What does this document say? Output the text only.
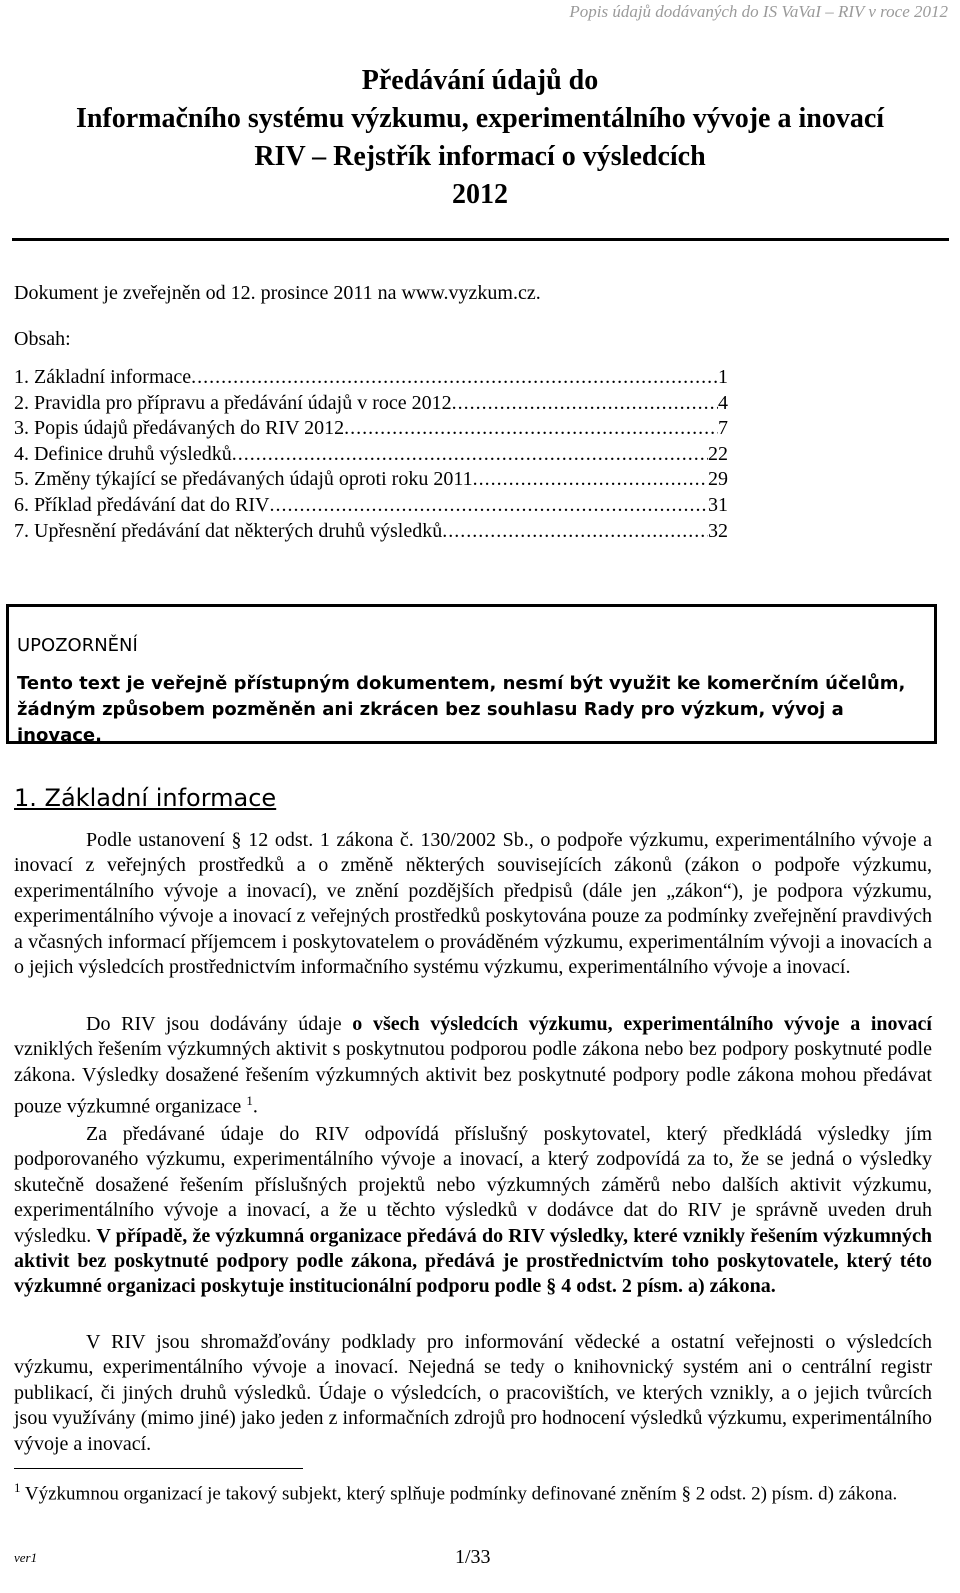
Popis údajů dodávaných do IS VaVaI – RIV v roce 2012
Předávání údajů do
Informačního systému výzkumu, experimentálního vývoje a inovací
RIV – Rejstřík informací o výsledcích
2012
Dokument je zveřejněn od 12. prosince 2011 na www.vyzkum.cz.
Obsah:
1. Základní informace .....	1
2. Pravidla pro přípravu a předávání údajů v roce 2012 .....	4
3. Popis údajů předávaných do RIV 2012 .....	7
4. Definice druhů výsledků .....	22
5. Změny týkající se předávaných údajů oproti roku 2011 .....	29
6. Příklad předávání dat do RIV .....	31
7. Upřesnění předávání dat některých druhů výsledků .....	32
UPOZORNĚNÍ
Tento text je veřejně přístupným dokumentem, nesmí být využit ke komerčním účelům, žádným způsobem pozměněn ani zkrácen bez souhlasu Rady pro výzkum, vývoj a inovace.
1. Základní informace
Podle ustanovení § 12 odst. 1 zákona č. 130/2002 Sb., o podpoře výzkumu, experimentálního vývoje a inovací z veřejných prostředků a o změně některých souvisejících zákonů (zákon o podpoře výzkumu, experimentálního vývoje a inovací), ve znění pozdějších předpisů (dále jen „zákon“), je podpora výzkumu, experimentálního vývoje a inovací z veřejných prostředků poskytována pouze za podmínky zveřejnění pravdivých a včasných informací příjemcem i poskytovatelem o prováděném výzkumu, experimentálním vývoji a inovacích a o jejich výsledcích prostřednictvím informačního systému výzkumu, experimentálního vývoje a inovací.
Do RIV jsou dodávány údaje o všech výsledcích výzkumu, experimentálního vývoje a inovací vzniklých řešením výzkumných aktivit s poskytnutou podporou podle zákona nebo bez podpory poskytnuté podle zákona. Výsledky dosažené řešením výzkumných aktivit bez poskytnuté podpory podle zákona mohou předávat pouze výzkumné organizace $^1$.
Za předávané údaje do RIV odpovídá příslušný poskytovatel, který předkládá výsledky jím podporovaného výzkumu, experimentálního vývoje a inovací, a který zodpovídá za to, že se jedná o výsledky skutečně dosažené řešením příslušných projektů nebo výzkumných záměrů nebo dalších aktivit výzkumu, experimentálního vývoje a inovací, a že u těchto výsledků v dodávce dat do RIV je správně uveden druh výsledku. V případě, že výzkumná organizace předává do RIV výsledky, které vznikly řešením výzkumných aktivit bez poskytnuté podpory podle zákona, předává je prostřednictvím toho poskytovatele, který této výzkumné organizaci poskytuje institucionální podporu podle § 4 odst. 2 písm. a) zákona.
V RIV jsou shromažďovány podklady pro informování vědecké a ostatní veřejnosti o výsledcích výzkumu, experimentálního vývoje a inovací. Nejedná se tedy o knihovnický systém ani o centrální registr publikací, či jiných druhů výsledků. Údaje o výsledcích, o pracovištích, ve kterých vznikly, a o jejich tvůrcích jsou využívány (mimo jiné) jako jeden z informačních zdrojů pro hodnocení výsledků výzkumu, experimentálního vývoje a inovací.
$^1$ Výzkumnou organizací je takový subjekt, který splňuje podmínky definované zněním § 2 odst. 2) písm. d) zákona.
ver1	1/33
